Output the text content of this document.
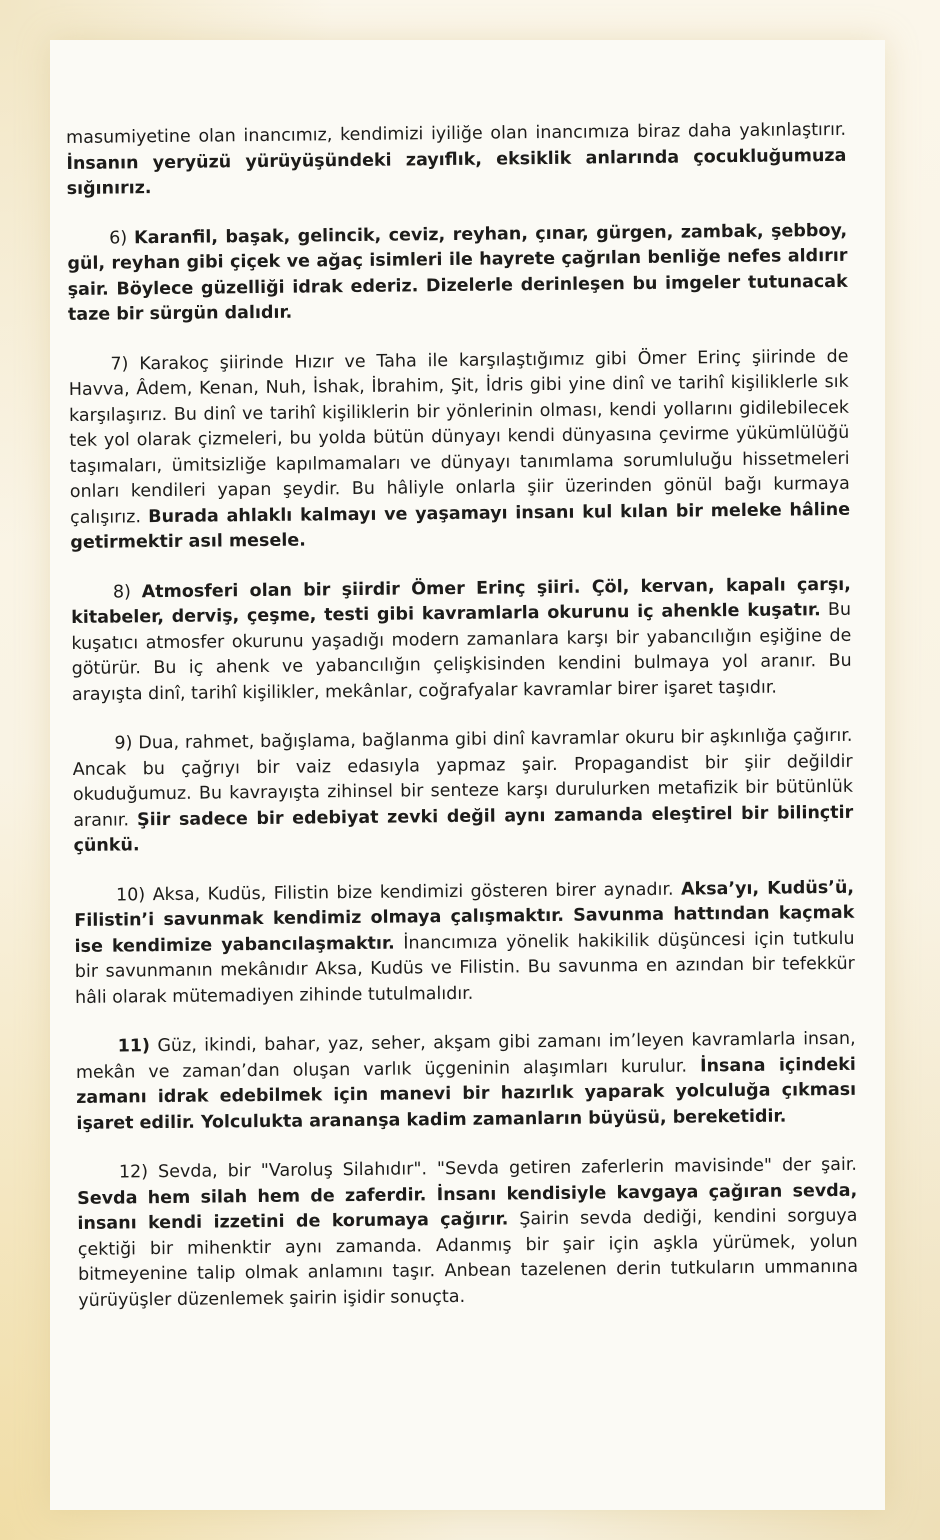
masumiyetine olan inancımız, kendimizi iyiliğe olan inancımıza biraz daha yakınlaştırır. İnsanın yeryüzü yürüyüşündeki zayıflık, eksiklik anlarında çocukluğumuza sığınırız.

6) Karanfil, başak, gelincik, ceviz, reyhan, çınar, gürgen, zambak, şebboy, gül, reyhan gibi çiçek ve ağaç isimleri ile hayrete çağrılan benliğe nefes aldırır şair. Böylece güzelliği idrak ederiz. Dizelerle derinleşen bu imgeler tutunacak taze bir sürgün dalıdır.

7) Karakoç şiirinde Hızır ve Taha ile karşılaştığımız gibi Ömer Erinç şiirinde de Havva, Âdem, Kenan, Nuh, İshak, İbrahim, Şit, İdris gibi yine dinî ve tarihî kişiliklerle sık karşılaşırız. Bu dinî ve tarihî kişiliklerin bir yönlerinin olması, kendi yollarını gidilebilecek tek yol olarak çizmeleri, bu yolda bütün dünyayı kendi dünyasına çevirme yükümlülüğü taşımaları, ümitsizliğe kapılmamaları ve dünyayı tanımlama sorumluluğu hissetmeleri onları kendileri yapan şeydir. Bu hâliyle onlarla şiir üzerinden gönül bağı kurmaya çalışırız. Burada ahlaklı kalmayı ve yaşamayı insanı kul kılan bir meleke hâline getirmektir asıl mesele.

8) Atmosferi olan bir şiirdir Ömer Erinç şiiri. Çöl, kervan, kapalı çarşı, kitabeler, derviş, çeşme, testi gibi kavramlarla okurunu iç ahenkle kuşatır. Bu kuşatıcı atmosfer okurunu yaşadığı modern zamanlara karşı bir yabancılığın eşiğine de götürür. Bu iç ahenk ve yabancılığın çelişkisinden kendini bulmaya yol aranır. Bu arayışta dinî, tarihî kişilikler, mekânlar, coğrafyalar kavramlar birer işaret taşıdır.

9) Dua, rahmet, bağışlama, bağlanma gibi dinî kavramlar okuru bir aşkınlığa çağırır. Ancak bu çağrıyı bir vaiz edasıyla yapmaz şair. Propagandist bir şiir değildir okuduğumuz. Bu kavrayışta zihinsel bir senteze karşı durulurken metafizik bir bütünlük aranır. Şiir sadece bir edebiyat zevki değil aynı zamanda eleştirel bir bilinçtir çünkü.

10) Aksa, Kudüs, Filistin bize kendimizi gösteren birer aynadır. Aksa’yı, Kudüs’ü, Filistin’i savunmak kendimiz olmaya çalışmaktır. Savunma hattından kaçmak ise kendimize yabancılaşmaktır. İnancımıza yönelik hakikilik düşüncesi için tutkulu bir savunmanın mekânıdır Aksa, Kudüs ve Filistin. Bu savunma en azından bir tefekkür hâli olarak mütemadiyen zihinde tutulmalıdır.

11) Güz, ikindi, bahar, yaz, seher, akşam gibi zamanı im’leyen kavramlarla insan, mekân ve zaman’dan oluşan varlık üçgeninin alaşımları kurulur. İnsana içindeki zamanı idrak edebilmek için manevi bir hazırlık yaparak yolculuğa çıkması işaret edilir. Yolculukta arananşa kadim zamanların büyüsü, bereketidir.

12) Sevda, bir "Varoluş Silahıdır". "Sevda getiren zaferlerin mavisinde" der şair. Sevda hem silah hem de zaferdir. İnsanı kendisiyle kavgaya çağıran sevda, insanı kendi izzetini de korumaya çağırır. Şairin sevda dediği, kendini sorguya çektiği bir mihenktir aynı zamanda. Adanmış bir şair için aşkla yürümek, yolun bitmeyenine talip olmak anlamını taşır. Anbean tazelenen derin tutkuların ummanına yürüyüşler düzenlemek şairin işidir sonuçta.
